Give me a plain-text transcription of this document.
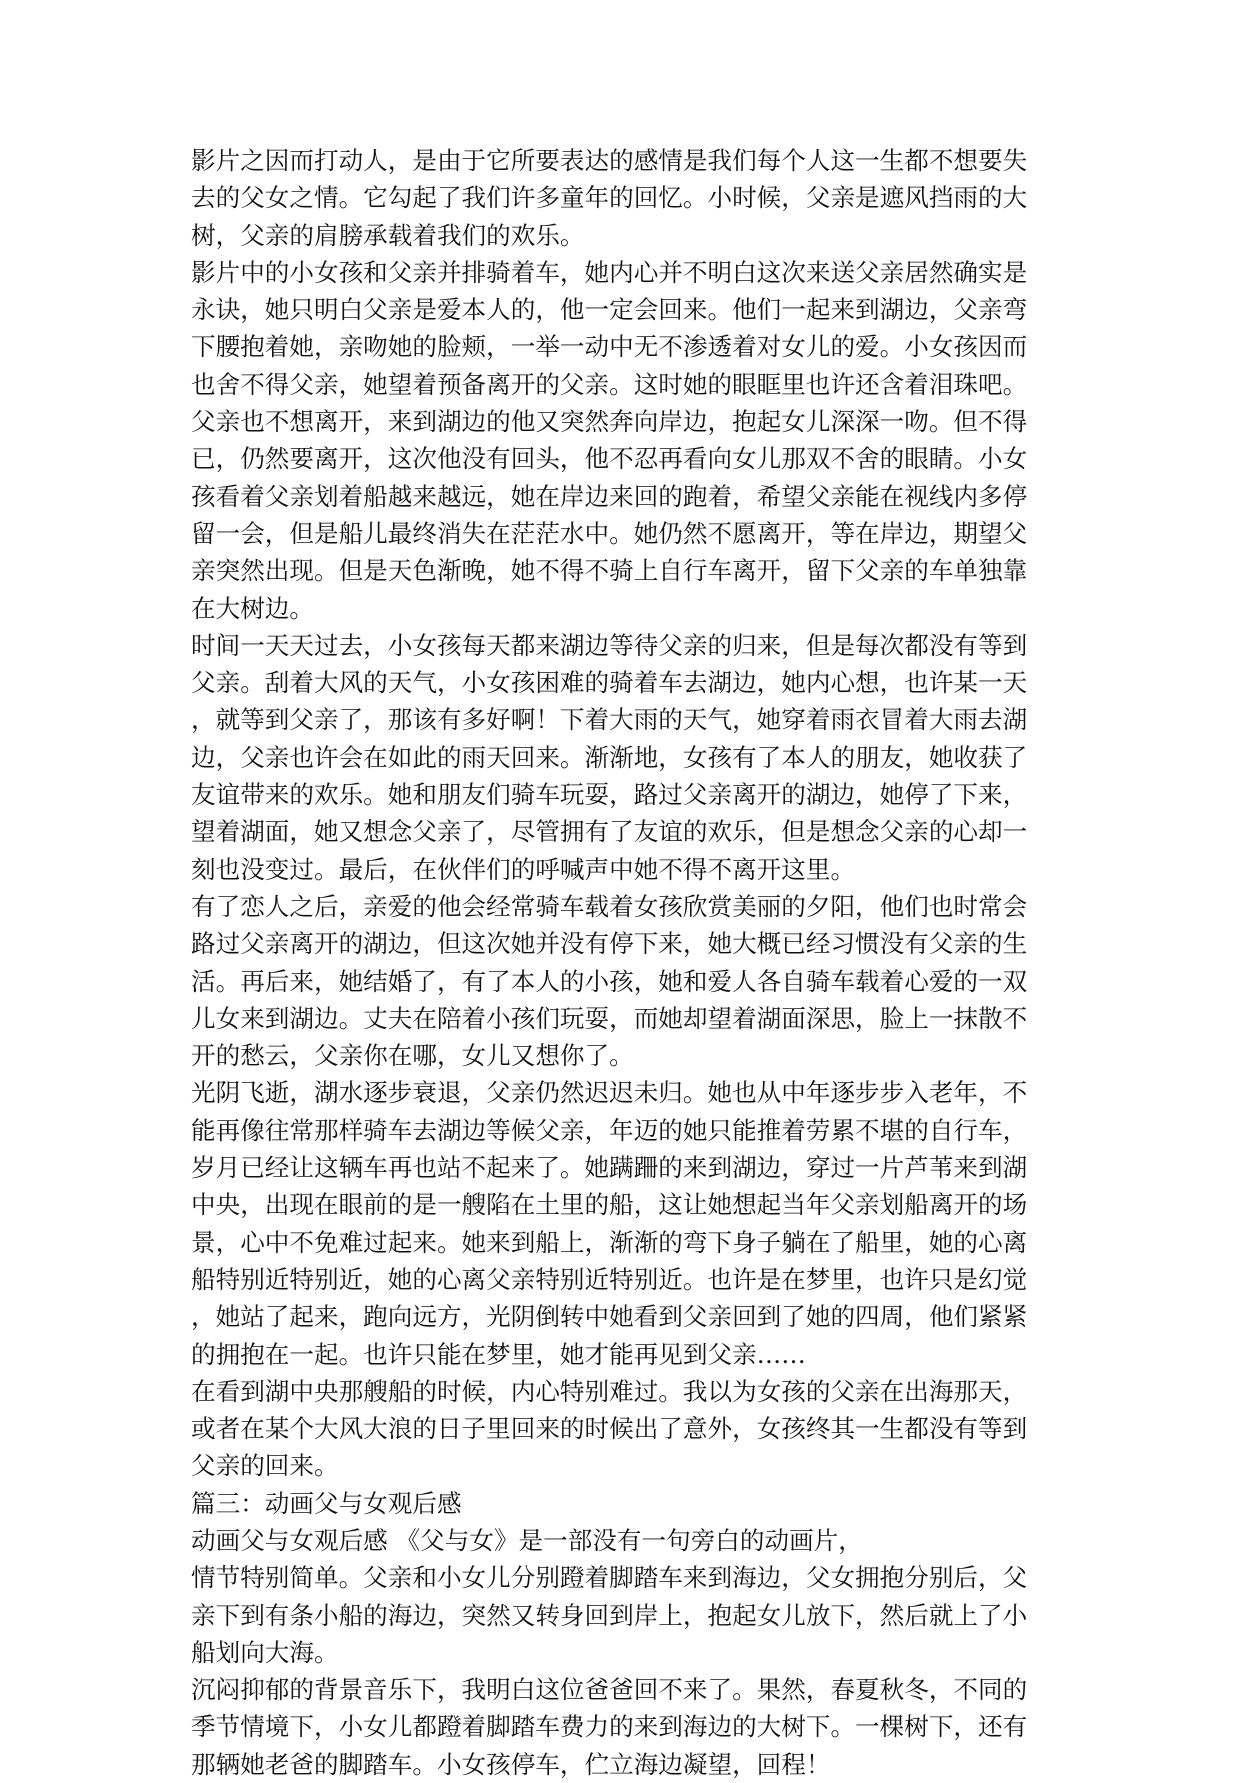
影片之因而打动人，是由于它所要表达的感情是我们每个人这一生都不想要失
去的父女之情。它勾起了我们许多童年的回忆。小时候，父亲是遮风挡雨的大
树，父亲的肩膀承载着我们的欢乐。
影片中的小女孩和父亲并排骑着车，她内心并不明白这次来送父亲居然确实是
永诀，她只明白父亲是爱本人的，他一定会回来。他们一起来到湖边，父亲弯
下腰抱着她，亲吻她的脸颊，一举一动中无不渗透着对女儿的爱。小女孩因而
也舍不得父亲，她望着预备离开的父亲。这时她的眼眶里也许还含着泪珠吧。
父亲也不想离开，来到湖边的他又突然奔向岸边，抱起女儿深深一吻。但不得
已，仍然要离开，这次他没有回头，他不忍再看向女儿那双不舍的眼睛。小女
孩看着父亲划着船越来越远，她在岸边来回的跑着，希望父亲能在视线内多停
留一会，但是船儿最终消失在茫茫水中。她仍然不愿离开，等在岸边，期望父
亲突然出现。但是天色渐晚，她不得不骑上自行车离开，留下父亲的车单独靠
在大树边。
时间一天天过去，小女孩每天都来湖边等待父亲的归来，但是每次都没有等到
父亲。刮着大风的天气，小女孩困难的骑着车去湖边，她内心想，也许某一天
，就等到父亲了，那该有多好啊！下着大雨的天气，她穿着雨衣冒着大雨去湖
边，父亲也许会在如此的雨天回来。渐渐地，女孩有了本人的朋友，她收获了
友谊带来的欢乐。她和朋友们骑车玩耍，路过父亲离开的湖边，她停了下来，
望着湖面，她又想念父亲了，尽管拥有了友谊的欢乐，但是想念父亲的心却一
刻也没变过。最后，在伙伴们的呼喊声中她不得不离开这里。
有了恋人之后，亲爱的他会经常骑车载着女孩欣赏美丽的夕阳，他们也时常会
路过父亲离开的湖边，但这次她并没有停下来，她大概已经习惯没有父亲的生
活。再后来，她结婚了，有了本人的小孩，她和爱人各自骑车载着心爱的一双
儿女来到湖边。丈夫在陪着小孩们玩耍，而她却望着湖面深思，脸上一抹散不
开的愁云，父亲你在哪，女儿又想你了。
光阴飞逝，湖水逐步衰退，父亲仍然迟迟未归。她也从中年逐步步入老年，不
能再像往常那样骑车去湖边等候父亲，年迈的她只能推着劳累不堪的自行车，
岁月已经让这辆车再也站不起来了。她蹒跚的来到湖边，穿过一片芦苇来到湖
中央，出现在眼前的是一艘陷在土里的船，这让她想起当年父亲划船离开的场
景，心中不免难过起来。她来到船上，渐渐的弯下身子躺在了船里，她的心离
船特别近特别近，她的心离父亲特别近特别近。也许是在梦里，也许只是幻觉
，她站了起来，跑向远方，光阴倒转中她看到父亲回到了她的四周，他们紧紧
的拥抱在一起。也许只能在梦里，她才能再见到父亲……
在看到湖中央那艘船的时候，内心特别难过。我以为女孩的父亲在出海那天，
或者在某个大风大浪的日子里回来的时候出了意外，女孩终其一生都没有等到
父亲的回来。
篇三：动画父与女观后感
动画父与女观后感 《父与女》是一部没有一句旁白的动画片，
情节特别简单。父亲和小女儿分别蹬着脚踏车来到海边，父女拥抱分别后，父
亲下到有条小船的海边，突然又转身回到岸上，抱起女儿放下，然后就上了小
船划向大海。
沉闷抑郁的背景音乐下，我明白这位爸爸回不来了。果然，春夏秋冬，不同的
季节情境下，小女儿都蹬着脚踏车费力的来到海边的大树下。一棵树下，还有
那辆她老爸的脚踏车。小女孩停车，伫立海边凝望，回程！
